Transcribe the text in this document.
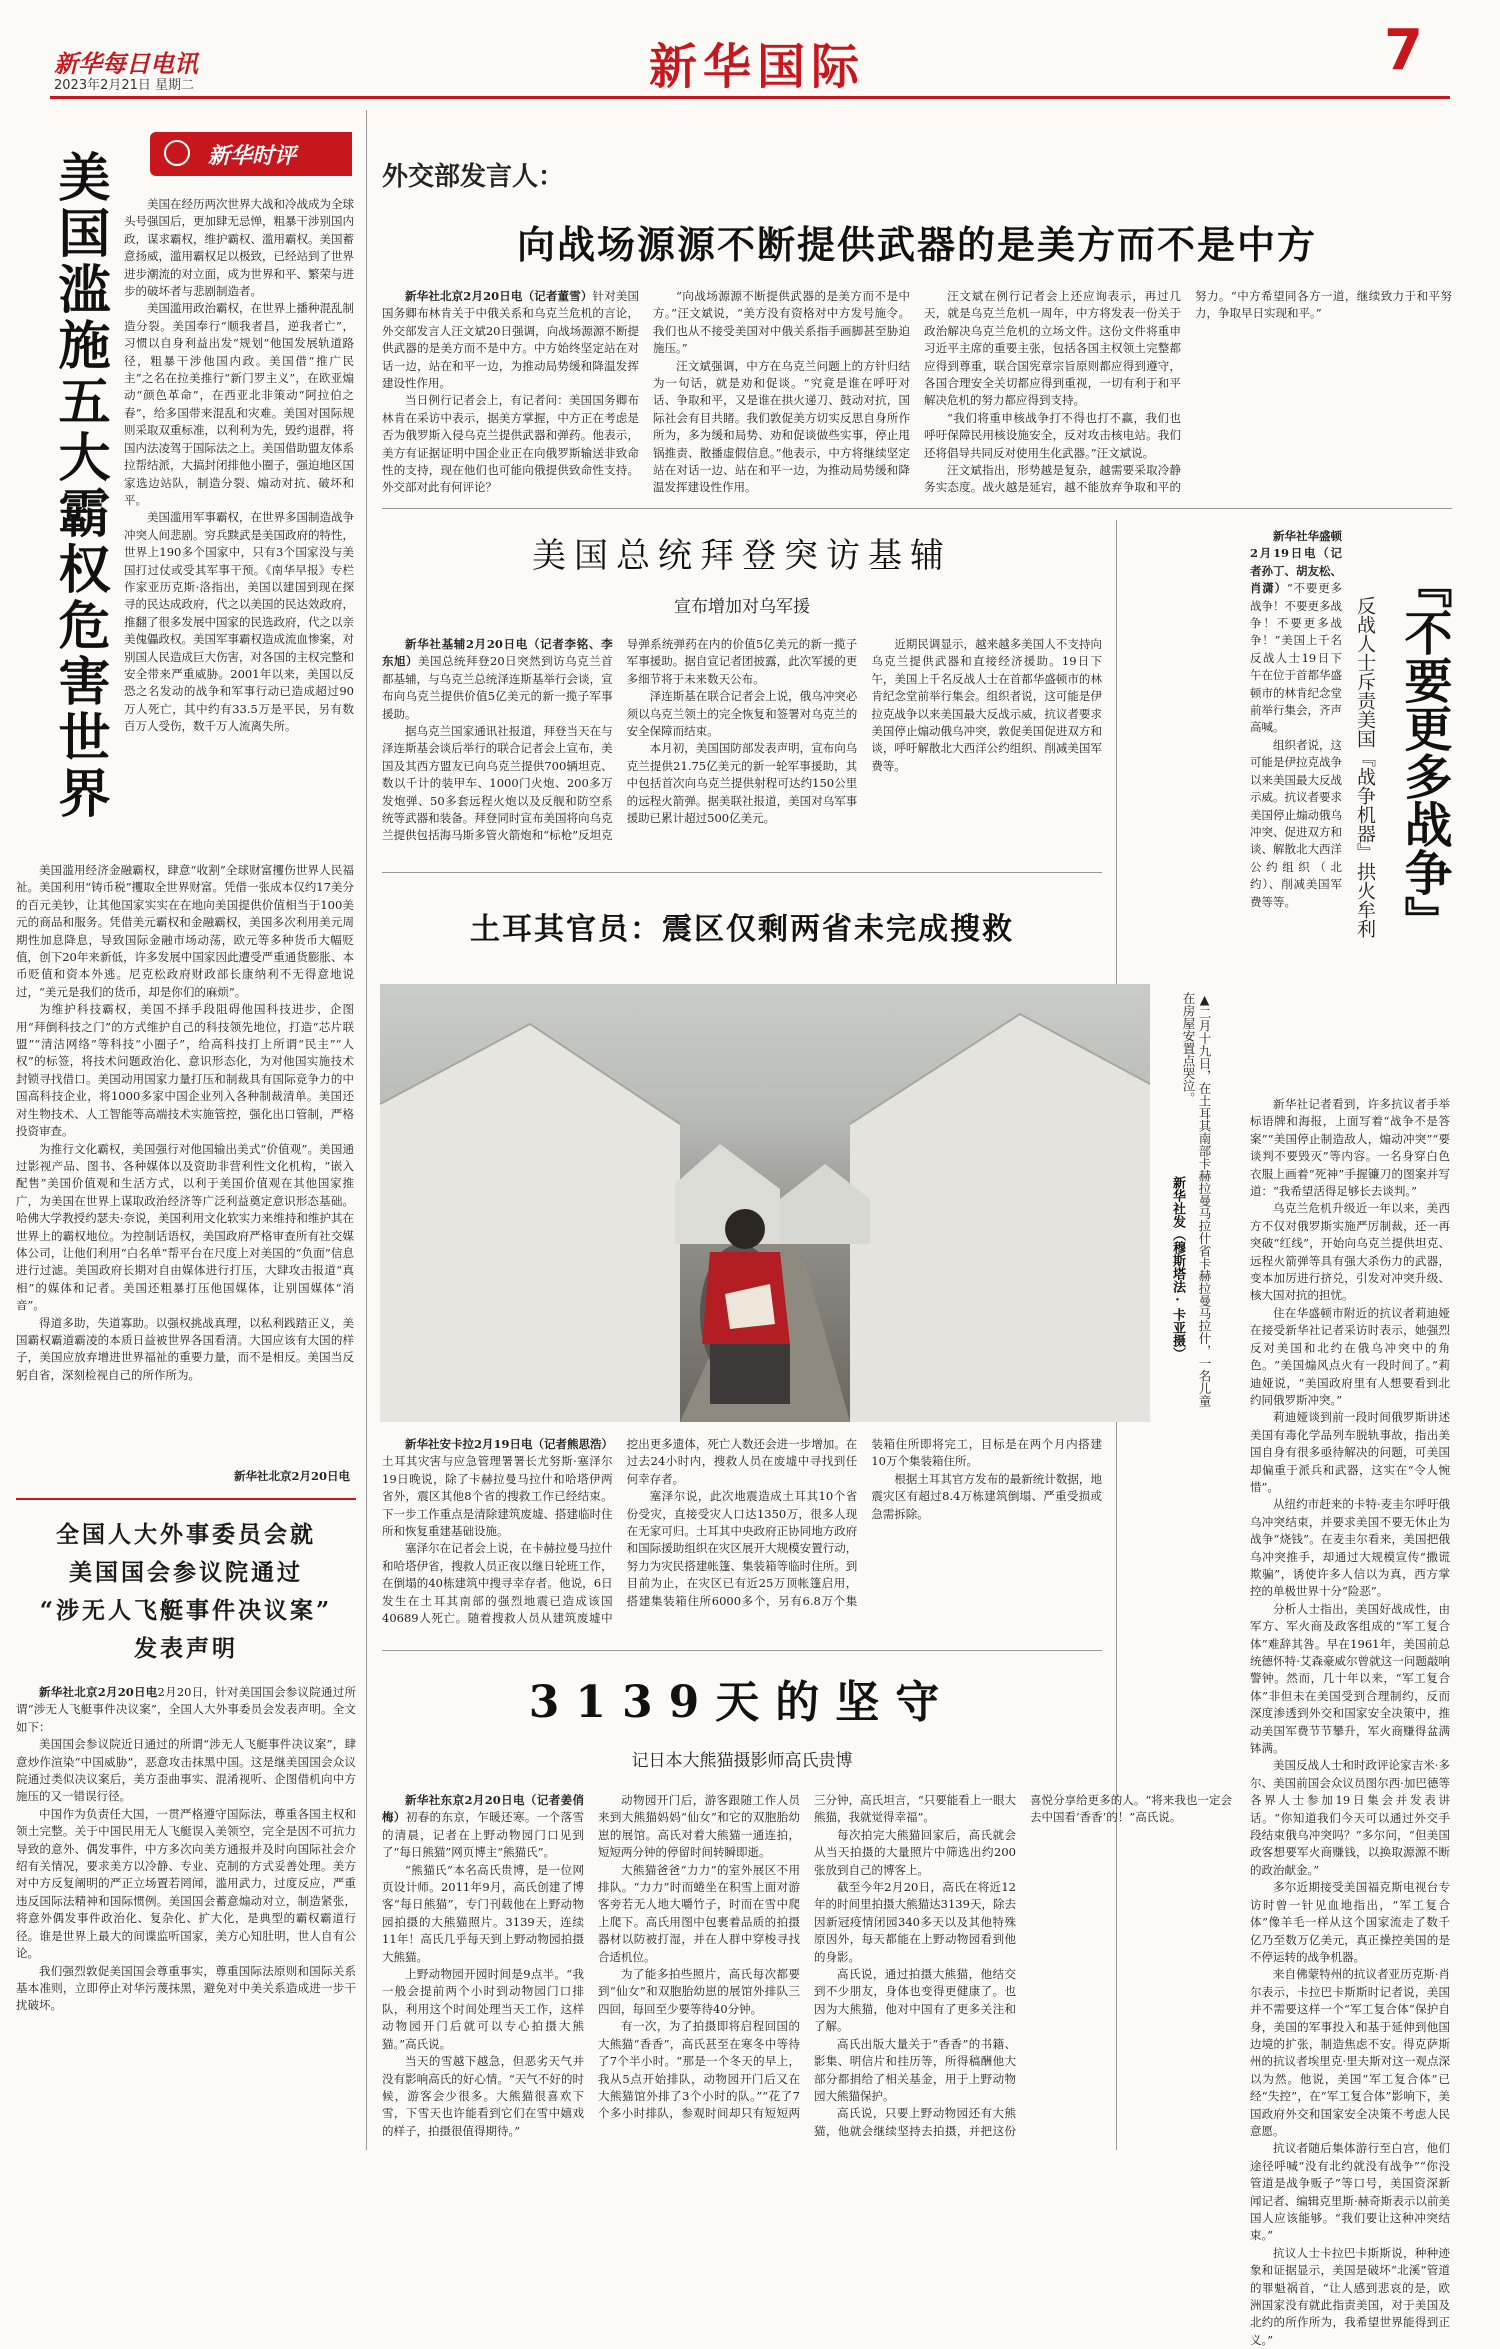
新华每日电讯
2023年2月21日 星期二	新华国际	7
新华时评
美国滥施五大霸权危害世界	美国在经历两次世界大战和冷战成为全球头号强国后，更加肆无忌惮，粗暴干涉别国内政，谋求霸权，维护霸权、滥用霸权。美国蓄意扬威，滥用霸权足以极致，已经站到了世界进步潮流的对立面，成为世界和平、繁荣与进步的破坏者与悲剧制造者。

美国滥用政治霸权，在世界上播种混乱制造分裂。美国奉行“顺我者昌，逆我者亡”，习惯以自身利益出发“规划”他国发展轨道路径，粗暴干涉他国内政。美国借“推广民主”之名在拉美推行“新门罗主义”，在欧亚煽动“颜色革命”，在西亚北非策动“阿拉伯之春”，给多国带来混乱和灾难。美国对国际规则采取双重标准，以利利为先，毁约退群，将国内法凌驾于国际法之上。美国借助盟友体系拉帮结派，大搞封闭排他小圈子，强迫地区国家选边站队，制造分裂、煽动对抗、破坏和平。

美国滥用军事霸权，在世界多国制造战争冲突人间悲剧。穷兵黩武是美国政府的特性，世界上190多个国家中，只有3个国家没与美国打过仗或受其军事干预。《南华早报》专栏作家亚历克斯·洛指出，美国以建国到现在探寻的民达成政府，代之以美国的民达效政府，推翻了很多发展中国家的民选政府，代之以亲美傀儡政权。美国军事霸权造成流血惨案，对别国人民造成巨大伤害，对各国的主权完整和安全带来严重威胁。2001年以来，美国以反恐之名发动的战争和军事行动已造成超过90万人死亡，其中约有33.5万是平民，另有数百万人受伤，数千万人流离失所。

美国滥用经济金融霸权，肆意“收割”全球财富攫伤世界人民福祉。美国利用“铸币税”攫取全世界财富。凭借一张成本仅约17美分的百元美钞，让其他国家实实在在地向美国提供价值相当于100美元的商品和服务。凭借美元霸权和金融霸权，美国多次利用美元周期性加息降息，导致国际金融市场动荡，欧元等多种货币大幅贬值，创下20年来新低，许多发展中国家因此遭受严重通货膨胀、本币贬值和资本外逃。尼克松政府财政部长康纳利不无得意地说过，“美元是我们的货币，却是你们的麻烦”。

为维护科技霸权，美国不择手段阻碍他国科技进步，企图用“拜倒科技之门”的方式维护自己的科技领先地位，打造“芯片联盟”“清洁网络”等科技“小圈子”，给高科技打上所谓“民主”“人权”的标签，将技术问题政治化、意识形态化，为对他国实施技术封锁寻找借口。美国动用国家力量打压和制裁具有国际竞争力的中国高科技企业，将1000多家中国企业列入各种制裁清单。美国还对生物技术、人工智能等高端技术实施管控，强化出口管制，严格投资审查。

为推行文化霸权，美国强行对他国输出美式“价值观”。美国通过影视产品、图书、各种媒体以及资助非营利性文化机构，“嵌入配售”美国价值观和生活方式，以利于美国价值观在其他国家推广，为美国在世界上谋取政治经济等广泛利益奠定意识形态基础。哈佛大学教授约瑟夫·奈说，美国利用文化软实力来维持和维护其在世界上的霸权地位。为控制话语权，美国政府严格审查所有社交媒体公司，让他们利用“白名单”帮平台在尺度上对美国的“负面”信息进行过滤。美国政府长期对自由媒体进行打压，大肆攻击报道“真相”的媒体和记者。美国还粗暴打压他国媒体，让别国媒体“消音”。

得道多助，失道寡助。以强权挑战真理，以私利践踏正义，美国霸权霸道霸凌的本质日益被世界各国看清。大国应该有大国的样子，美国应放弃增进世界福祉的重要力量，而不是相反。美国当反躬自省，深刻检视自己的所作所为。

新华社北京2月20日电
全国人大外事委员会就
美国国会参议院通过
“涉无人飞艇事件决议案”
发表声明

新华社北京2月20日电2月20日，针对美国国会参议院通过所谓“涉无人飞艇事件决议案”，全国人大外事委员会发表声明。全文如下：

美国国会参议院近日通过的所谓“涉无人飞艇事件决议案”，肆意炒作渲染“中国威胁”，恶意攻击抹黑中国。这是继美国国会众议院通过类似决议案后，美方歪曲事实、混淆视听、企图借机向中方施压的又一错误行径。

中国作为负责任大国，一贯严格遵守国际法，尊重各国主权和领土完整。关于中国民用无人飞艇误入美领空，完全是因不可抗力导致的意外、偶发事件，中方多次向美方通报并及时向国际社会介绍有关情况，要求美方以冷静、专业、克制的方式妥善处理。美方对中方反复阐明的严正立场置若罔闻，滥用武力，过度反应，严重违反国际法精神和国际惯例。美国国会蓄意煽动对立，制造紧张，将意外偶发事件政治化、复杂化、扩大化，是典型的霸权霸道行径。谁是世界上最大的间谍监听国家，美方心知肚明，世人自有公论。

我们强烈敦促美国国会尊重事实，尊重国际法原则和国际关系基本准则，立即停止对华污蔑抹黑，避免对中美关系造成进一步干扰破坏。

外交部发言人：
向战场源源不断提供武器的是美方而不是中方

新华社北京2月20日电（记者董雪）针对美国国务卿布林肯关于中俄关系和乌克兰危机的言论，外交部发言人汪文斌20日强调，向战场源源不断提供武器的是美方而不是中方。中方始终坚定站在对话一边，站在和平一边，为推动局势缓和降温发挥建设性作用。

当日例行记者会上，有记者问：美国国务卿布林肯在采访中表示，据美方掌握，中方正在考虑是否为俄罗斯入侵乌克兰提供武器和弹药。他表示，美方有证据证明中国企业正在向俄罗斯输送非致命性的支持，现在他们也可能向俄提供致命性支持。外交部对此有何评论？

“向战场源源不断提供武器的是美方而不是中方。”汪文斌说，“美方没有资格对中方发号施令。我们也从不接受美国对中俄关系指手画脚甚至胁迫施压。”

汪文斌强调，中方在乌克兰问题上的方针归结为一句话，就是劝和促谈。“究竟是谁在呼吁对话、争取和平，又是谁在拱火递刀、鼓动对抗，国际社会有目共睹。我们敦促美方切实反思自身所作所为，多为缓和局势、劝和促谈做些实事，停止甩锅推责、散播虚假信息。”他表示，中方将继续坚定站在对话一边、站在和平一边，为推动局势缓和降温发挥建设性作用。

汪文斌在例行记者会上还应询表示，再过几天，就是乌克兰危机一周年，中方将发表一份关于政治解决乌克兰危机的立场文件。这份文件将重申习近平主席的重要主张，包括各国主权领土完整都应得到尊重，联合国宪章宗旨原则都应得到遵守，各国合理安全关切都应得到重视，一切有利于和平解决危机的努力都应得到支持。

“我们将重申核战争打不得也打不赢，我们也呼吁保障民用核设施安全，反对攻击核电站。我们还将倡导共同反对使用生化武器。”汪文斌说。

汪文斌指出，形势越是复杂，越需要采取冷静务实态度。战火越是延宕，越不能放弃争取和平的努力。“中方希望同各方一道，继续致力于和平努力，争取早日实现和平。”

美国总统拜登突访基辅
宣布增加对乌军援

新华社基辅2月20日电（记者李铭、李东旭）美国总统拜登20日突然到访乌克兰首都基辅，与乌克兰总统泽连斯基举行会谈，宣布向乌克兰提供价值5亿美元的新一揽子军事援助。

据乌克兰国家通讯社报道，拜登当天在与泽连斯基会谈后举行的联合记者会上宣布，美国及其西方盟友已向乌克兰提供700辆坦克、数以千计的装甲车、1000门火炮、200多万发炮弹、50多套远程火炮以及反舰和防空系统等武器和装备。拜登同时宣布美国将向乌克兰提供包括海马斯多管火箭炮和“标枪”反坦克导弹系统弹药在内的价值5亿美元的新一揽子军事援助。据自宣记者团披露，此次军援的更多细节将于未来数天公布。

泽连斯基在联合记者会上说，俄乌冲突必须以乌克兰领土的完全恢复和签署对乌克兰的安全保障而结束。

本月初，美国国防部发表声明，宣布向乌克兰提供21.75亿美元的新一轮军事援助，其中包括首次向乌克兰提供射程可达约150公里的远程火箭弹。据美联社报道，美国对乌军事援助已累计超过500亿美元。

近期民调显示，越来越多美国人不支持向乌克兰提供武器和直接经济援助。19日下午，美国上千名反战人士在首都华盛顿市的林肯纪念堂前举行集会。组织者说，这可能是伊拉克战争以来美国最大反战示威，抗议者要求美国停止煽动俄乌冲突，敦促美国促进双方和谈，呼吁解散北大西洋公约组织、削减美国军费等。	『不要更多战争』
反战人士斥责美国『战争机器』拱火牟利

新华社华盛顿2月19日电（记者孙丁、胡友松、肖潇）“不要更多战争！不要更多战争！不要更多战争！”美国上千名反战人士19日下午在位于首都华盛顿市的林肯纪念堂前举行集会，齐声高喊。

组织者说，这可能是伊拉克战争以来美国最大反战示威。抗议者要求美国停止煽动俄乌冲突、促进双方和谈、解散北大西洋公约组织（北约）、削减美国军费等等。

新华社记者看到，许多抗议者手举标语牌和海报，上面写着“战争不是答案”“美国停止制造敌人，煽动冲突”“要谈判不要毁灭”等内容。一名身穿白色衣服上画着“死神”手握镰刀的图案并写道：“我希望活得足够长去谈判。”

乌克兰危机升级近一年以来，美西方不仅对俄罗斯实施严厉制裁，还一再突破“红线”，开始向乌克兰提供坦克、远程火箭弹等具有强大杀伤力的武器，变本加厉进行挤兑，引发对冲突升级、核大国对抗的担忧。

住在华盛顿市附近的抗议者莉迪娅在接受新华社记者采访时表示，她强烈反对美国和北约在俄乌冲突中的角色。“美国煽风点火有一段时间了。”莉迪娅说，“美国政府里有人想要看到北约同俄罗斯冲突。”

莉迪娅谈到前一段时间俄罗斯讲述美国有毒化学品列车脱轨事故，指出美国自身有很多亟待解决的问题，可美国却偏重于派兵和武器，这实在“令人惋惜”。

从纽约市赶来的卡特·麦圭尔呼吁俄乌冲突结束，并要求美国不要无休止为战争“烧钱”。在麦圭尔看来，美国把俄乌冲突推手，却通过大规模宣传“撒谎欺骗”，诱使许多人信以为真，西方掌控的单极世界十分“险恶”。

分析人士指出，美国好战成性，由军方、军火商及政客组成的“军工复合体”难辞其咎。早在1961年，美国前总统德怀特·艾森豪威尔曾就这一问题敲响警钟。然而，几十年以来，“军工复合体”非但未在美国受到合理制约，反而深度渗透到外交和国家安全决策中，推动美国军费节节攀升，军火商赚得盆满钵满。

美国反战人士和时政评论家吉米·多尔、美国前国会众议员图尔西·加巴德等各界人士参加19日集会并发表讲话。“你知道我们今天可以通过外交手段结束俄乌冲突吗？”多尔问，“但美国政客想要军火商赚钱，以换取源源不断的政治献金。”

多尔近期接受美国福克斯电视台专访时曾一针见血地指出，“军工复合体”像羊毛一样从这个国家流走了数千亿乃至数万亿美元，真正操控美国的是不停运转的战争机器。

来自佛蒙特州的抗议者亚历克斯·肖尔表示，卡拉巴卡斯斯时记者说，美国并不需要这样一个“军工复合体”保护自身，美国的军事投入和基于延伸到他国边境的扩张，制造焦虑不安。得克萨斯州的抗议者埃里克·里夫斯对这一观点深以为然。他说，美国“军工复合体”已经“失控”，在“军工复合体”影响下，美国政府外交和国家安全决策不考虑人民意愿。

抗议者随后集体游行至白宫，他们途径呼喊“没有北约就没有战争”“你没管道是战争贩子”等口号，美国资深新闻记者、编辑克里斯·赫奇斯表示以前美国人应该能够。“我们要让这种冲突结束。”

抗议人士卡拉巴卡斯斯说，种种迹象和证据显示，美国是破坏“北溪”管道的罪魁祸首，“让人感到悲哀的是，欧洲国家没有就此指责美国，对于美国及北约的所作所为，我希望世界能得到正义。”

土耳其官员：震区仅剩两省未完成搜救
▲二月十九日，在土耳其南部卡赫拉曼马拉什省卡赫拉曼马拉什，一名儿童在房屋安置点哭泣。
新华社发（穆斯塔法·卡亚摄）

新华社安卡拉2月19日电（记者熊思浩）土耳其灾害与应急管理署署长尤努斯·塞泽尔19日晚说，除了卡赫拉曼马拉什和哈塔伊两省外，震区其他8个省的搜救工作已经结束。下一步工作重点是清除建筑废墟、搭建临时住所和恢复重建基础设施。

塞泽尔在记者会上说，在卡赫拉曼马拉什和哈塔伊省，搜救人员正夜以继日轮班工作，在倒塌的40栋建筑中搜寻幸存者。他说，6日发生在土耳其南部的强烈地震已造成该国40689人死亡。随着搜救人员从建筑废墟中挖出更多遗体，死亡人数还会进一步增加。在过去24小时内，搜救人员在废墟中寻找到任何幸存者。

塞泽尔说，此次地震造成土耳其10个省份受灾，直接受灾人口达1350万，很多人现在无家可归。土耳其中央政府正协同地方政府和国际援助组织在灾区展开大规模安置行动，努力为灾民搭建帐篷、集装箱等临时住所。到目前为止，在灾区已有近25万顶帐篷启用，搭建集装箱住所6000多个，另有6.8万个集装箱住所即将完工，目标是在两个月内搭建10万个集装箱住所。

根据土耳其官方发布的最新统计数据，地震灾区有超过8.4万栋建筑倒塌、严重受损或急需拆除。

3139天的坚守
记日本大熊猫摄影师高氏贵博

新华社东京2月20日电（记者姜俏梅）初春的东京，乍暖还寒。一个落雪的清晨，记者在上野动物园门口见到了“每日熊猫”网页博主“熊猫氏”。

“熊猫氏”本名高氏贵博，是一位网页设计师。2011年9月，高氏创建了博客“每日熊猫”，专门刊载他在上野动物园拍摄的大熊猫照片。3139天，连续11年！高氏几乎每天到上野动物园拍摄大熊猫。

上野动物园开园时间是9点半。“我一般会提前两个小时到动物园门口排队，利用这个时间处理当天工作，这样动物园开门后就可以专心拍摄大熊猫。”高氏说。

当天的雪越下越急，但恶劣天气并没有影响高氏的好心情。“天气不好的时候，游客会少很多。大熊猫很喜欢下雪，下雪天也许能看到它们在雪中嬉戏的样子，拍摄很值得期待。”

动物园开门后，游客跟随工作人员来到大熊猫妈妈“仙女”和它的双胞胎幼崽的展馆。高氏对着大熊猫一通连拍，短短两分钟的停留时间转瞬即逝。

大熊猫爸爸“力力”的室外展区不用排队。“力力”时而蜷坐在积雪上面对游客旁若无人地大嚼竹子，时而在雪中爬上爬下。高氏用图中包裹着品质的拍摄器材以防被打湿，并在人群中穿梭寻找合适机位。

为了能多拍些照片，高氏每次都要到“仙女”和双胞胎幼崽的展馆外排队三四回，每回至少要等待40分钟。

有一次，为了拍摄即将启程回国的大熊猫“香香”，高氏甚至在寒冬中等待了7个半小时。“那是一个冬天的早上，我从5点开始排队，动物园开门后又在大熊猫馆外排了3个小时的队。”“花了7个多小时排队，参观时间却只有短短两三分钟，高氏坦言，“只要能看上一眼大熊猫，我就觉得幸福”。

每次拍完大熊猫回家后，高氏就会从当天拍摄的大量照片中筛选出约200张放到自己的博客上。

截至今年2月20日，高氏在将近12年的时间里拍摄大熊猫达3139天，除去因新冠疫情闭园340多天以及其他特殊原因外，每天都能在上野动物园看到他的身影。

高氏说，通过拍摄大熊猫，他结交到不少朋友，身体也变得更健康了。也因为大熊猫，他对中国有了更多关注和了解。

高氏出版大量关于“香香”的书籍、影集、明信片和挂历等，所得稿酬他大部分都捐给了相关基金，用于上野动物园大熊猫保护。

高氏说，只要上野动物园还有大熊猫，他就会继续坚持去拍摄，并把这份喜悦分享给更多的人。“将来我也一定会去中国看‘香香’的！”高氏说。
